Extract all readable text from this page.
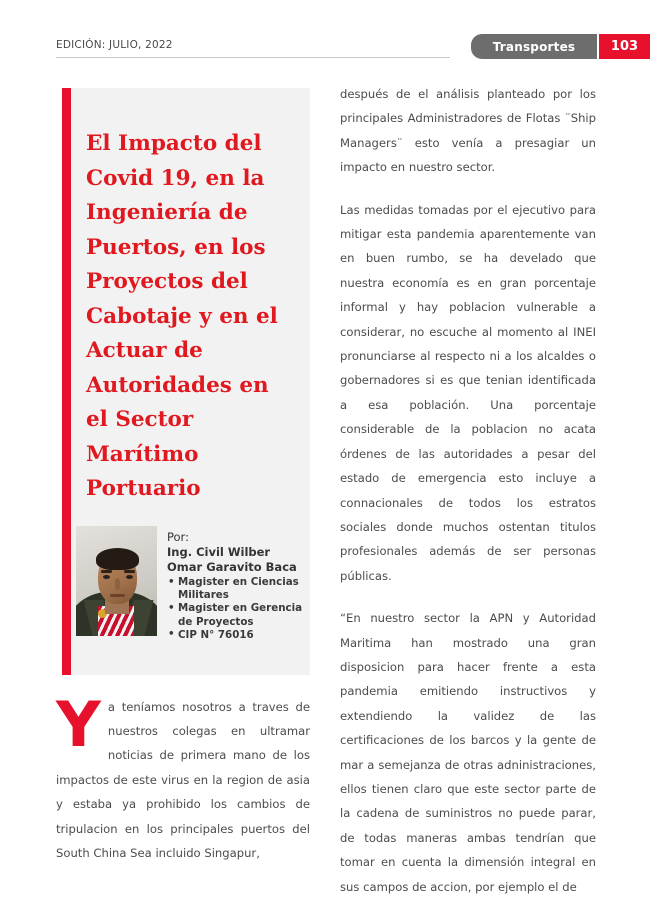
EDICIÓN: JULIO, 2022	Transportes	103
El Impacto del Covid 19, en la Ingeniería de Puertos, en los Proyectos del Cabotaje y en el Actuar de Autoridades en el Sector Marítimo Portuario
Por:
Ing. Civil Wilber Omar Garavito Baca
• Magister en Ciencias Militares
• Magister en Gerencia de Proyectos
• CIP N° 76016

Ya teníamos nosotros a traves de nuestros colegas en ultramar noticias de primera mano de los impactos de este virus en la region de asia y estaba ya prohibido los cambios de tripulacion en los principales puertos del South China Sea incluido Singapur,

después de el análisis planteado por los principales Administradores de Flotas ¨Ship Managers¨ esto venía a presagiar un impacto en nuestro sector.

Las medidas tomadas por el ejecutivo para mitigar esta pandemia aparentemente van en buen rumbo, se ha develado que nuestra economía es en gran porcentaje informal y hay poblacion vulnerable a considerar, no escuche al momento al INEI pronunciarse al respecto ni a los alcaldes o gobernadores si es que tenian identificada a esa población. Una porcentaje considerable de la poblacion no acata órdenes de las autoridades a pesar del estado de emergencia esto incluye a connacionales de todos los estratos sociales donde muchos ostentan titulos profesionales además de ser personas públicas.

“En nuestro sector la APN y Autoridad Maritima han mostrado una gran disposicion para hacer frente a esta pandemia emitiendo instructivos y extendiendo la validez de las certificaciones de los barcos y la gente de mar a semejanza de otras adninistraciones, ellos tienen claro que este sector parte de la cadena de suministros no puede parar, de todas maneras ambas tendrían que tomar en cuenta la dimensión integral en sus campos de accion, por ejemplo el de
